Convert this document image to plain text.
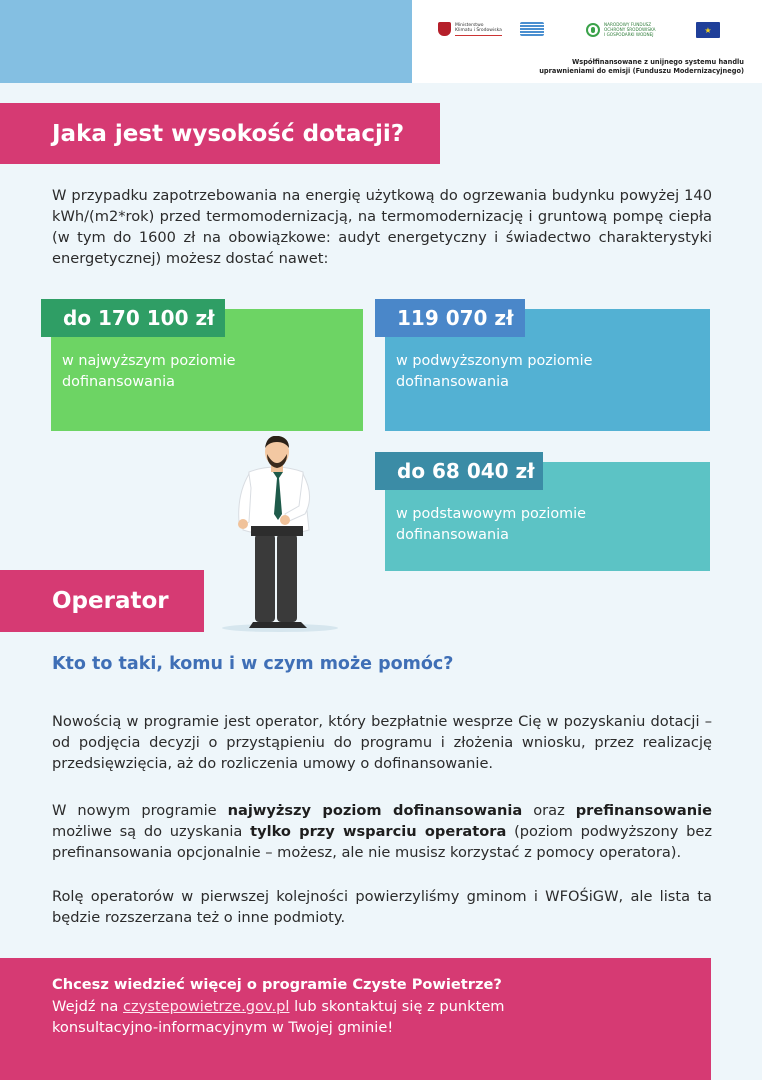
Ministerstwo
Klimatu i Środowiska
NARODOWY FUNDUSZ
OCHRONY ŚRODOWISKA
I GOSPODARKI WODNEJ	★
Współfinansowane z unijnego systemu handlu
uprawnieniami do emisji (Funduszu Modernizacyjnego)
Jaka jest wysokość dotacji?

W przypadku zapotrzebowania na energię użytkową do ogrzewania budynku powyżej 140 kWh/(m2*rok) przed termomodernizacją, na termomodernizację i gruntową pompę ciepła (w tym do 1600 zł na obowiązkowe: audyt energetyczny i świadectwo charakterystyki energetycznej) możesz dostać nawet:

w najwyższym poziomie
dofinansowania
do 170 100 zł
w podwyższonym poziomie
dofinansowania
119 070 zł
w podstawowym poziomie
dofinansowania
do 68 040 zł
Operator
Kto to taki, komu i w czym może pomóc?

Nowością w programie jest operator, który bezpłatnie wesprze Cię w pozyskaniu dotacji – od podjęcia decyzji o przystąpieniu do programu i złożenia wniosku, przez realizację przedsięwzięcia, aż do rozliczenia umowy o dofinansowanie.

W nowym programie najwyższy poziom dofinansowania oraz prefinansowanie możliwe są do uzyskania tylko przy wsparciu operatora (poziom podwyższony bez prefinansowania opcjonalnie – możesz, ale nie musisz korzystać z pomocy operatora).

Rolę operatorów w pierwszej kolejności powierzyliśmy gminom i WFOŚiGW, ale lista ta będzie rozszerzana też o inne podmioty.

Chcesz wiedzieć więcej o programie Czyste Powietrze?
Wejdź na czystepowietrze.gov.pl lub skontaktuj się z punktem
konsultacyjno-informacyjnym w Twojej gminie!
